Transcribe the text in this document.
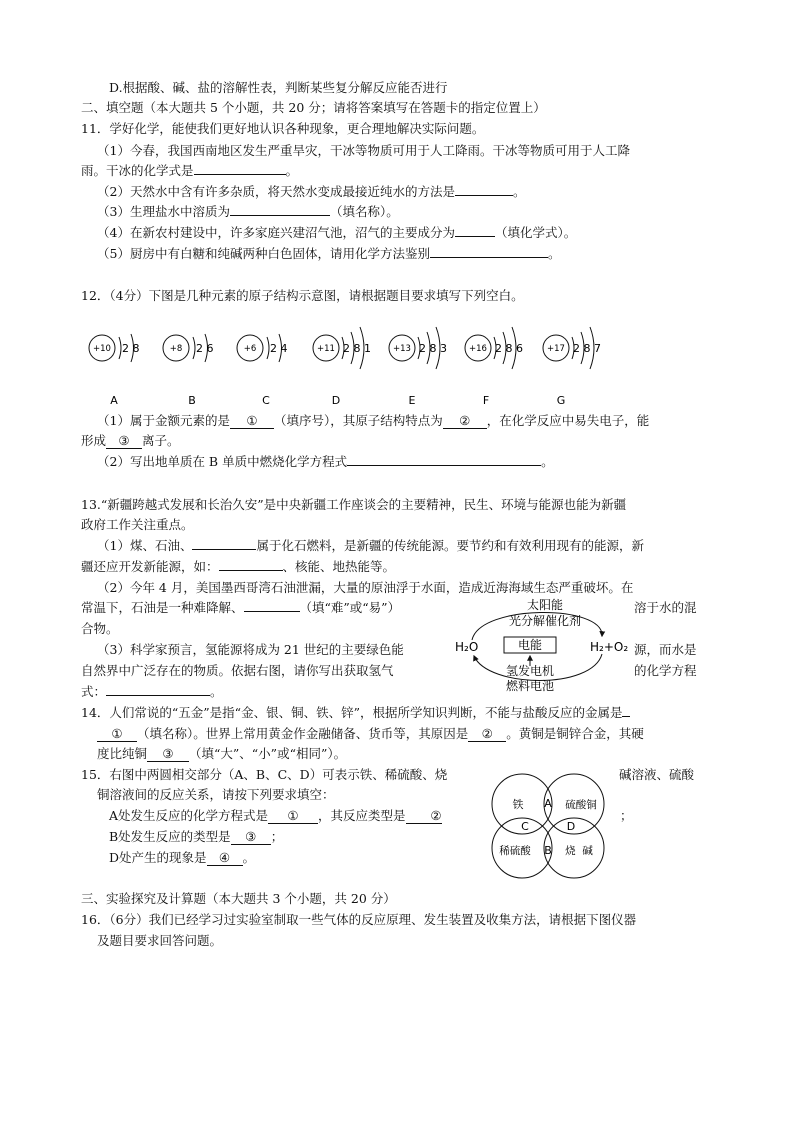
D.根据酸、碱、盐的溶解性表，判断某些复分解反应能否进行
二、填空题（本大题共 5 个小题，共 20 分；请将答案填写在答题卡的指定位置上）
11．学好化学，能使我们更好地认识各种现象，更合理地解决实际问题。
（1）今春，我国西南地区发生严重旱灾，干冰等物质可用于人工降雨。干冰等物质可用于人工降
雨。干冰的化学式是	。
（2）天然水中含有许多杂质，将天然水变成最接近纯水的方法是	。
（3）生理盐水中溶质为	（填名称）。
（4）在新农村建设中，许多家庭兴建沼气池，沼气的主要成分为	（填化学式）。
（5）厨房中有白糖和纯碱两种白色固体，请用化学方法鉴别	。
12．（4分）下图是几种元素的原子结构示意图，请根据题目要求填写下列空白。
+10 2 8
A
+8 2 6
B
+6 2 4
C
+11 2 8 1
D
+13 2 8 3
E
+16 2 8 6
F
+17 2 8 7
G
（1）属于金额元素的是 ① （填序号），其原子结构特点为 ② ，在化学反应中易失电子，能
形成 ③ 离子。
（2）写出地单质在 B 单质中燃烧化学方程式	。
13.“新疆跨越式发展和长治久安”是中央新疆工作座谈会的主要精神，民生、环境与能源也能为新疆
政府工作关注重点。
（1）煤、石油、	属于化石燃料，是新疆的传统能源。要节约和有效利用现有的能源，新
疆还应开发新能源，如：	、核能、地热能等。
（2）今年 4 月，美国墨西哥湾石油泄漏，大量的原油浮于水面，造成近海海域生态严重破坏。在
常温下，石油是一种难降解、	（填“难”或“易”）	溶于水的混
合物。
（3）科学家预言，氢能源将成为 21 世纪的主要绿色能	源，而水是
自然界中广泛存在的物质。依据右图，请你写出获取氢气	的化学方程
式：	。
太阳能
光分解催化剂
H₂O	H₂+O₂
电能
氢发电机
燃料电池
14．人们常说的“五金”是指“金、银、铜、铁、锌”，根据所学知识判断，不能与盐酸反应的金属是
① （填名称）。世界上常用黄金作金融储备、货币等，其原因是 ② 。黄铜是铜锌合金，其硬
度比纯铜 ③ （填“大”、“小”或“相同”）。
15．右图中两圆相交部分（A、B、C、D）可表示铁、稀硫酸、烧	碱溶液、硫酸
铜溶液间的反应关系，请按下列要求填空：
A处发生反应的化学方程式是 ① ，其反应类型是 ②	；
B处发生反应的类型是 ③ ；
D处产生的现象是 ④ 。
铁	硫酸铜
稀硫酸	烧  碱
A
B
C	D
三、实验探究及计算题（本大题共 3 个小题，共 20 分）
16．（6分）我们已经学习过实验室制取一些气体的反应原理、发生装置及收集方法，请根据下图仪器
及题目要求回答问题。
